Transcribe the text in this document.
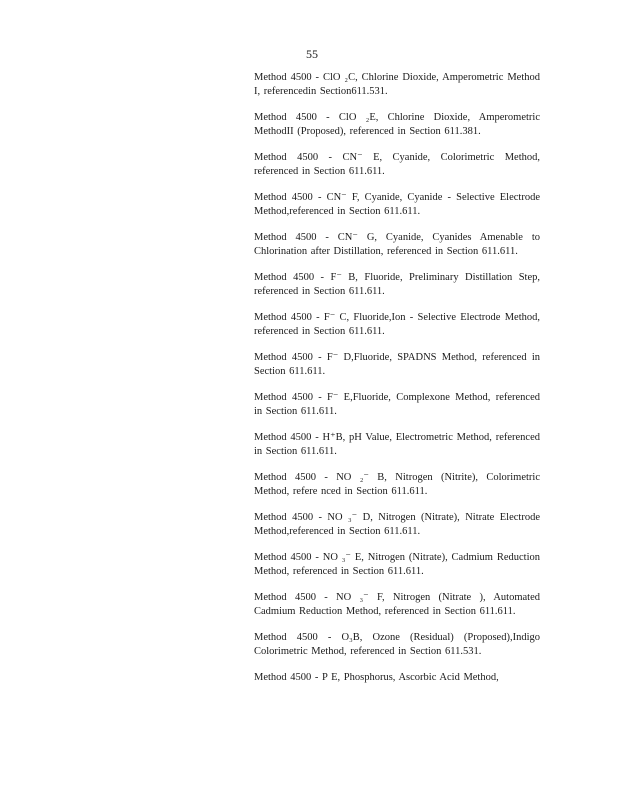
55

Method 4500 - ClO ₂C, Chlorine Dioxide, Amperometric Method I, referencedin Section611.531.

Method 4500 - ClO ₂E, Chlorine Dioxide, Amperometric MethodII (Proposed), referenced in Section 611.381.

Method 4500 - CN⁻ E, Cyanide, Colorimetric Method, referenced in Section 611.611.

Method 4500 - CN⁻ F, Cyanide, Cyanide - Selective Electrode Method,referenced in Section 611.611.

Method 4500 - CN⁻ G, Cyanide, Cyanides Amenable to Chlorination after Distillation, referenced in Section 611.611.

Method 4500 - F⁻ B, Fluoride, Preliminary Distillation Step, referenced in Section 611.611.

Method 4500 - F⁻ C, Fluoride,Ion - Selective Electrode Method, referenced in Section 611.611.

Method 4500 - F⁻ D,Fluoride, SPADNS Method, referenced in Section 611.611.

Method 4500 - F⁻ E,Fluoride, Complexone Method, referenced in Section 611.611.

Method 4500 - H⁺B, pH Value, Electrometric Method, referenced in Section 611.611.

Method 4500 - NO ₂⁻ B, Nitrogen (Nitrite), Colorimetric Method, refere nced in Section 611.611.

Method 4500 - NO ₃⁻ D, Nitrogen (Nitrate), Nitrate Electrode Method,referenced in Section 611.611.

Method 4500 - NO ₃⁻ E, Nitrogen (Nitrate), Cadmium Reduction Method, referenced in Section 611.611.

Method 4500 - NO ₃⁻ F, Nitrogen (Nitrate ), Automated Cadmium Reduction Method, referenced in Section 611.611.

Method 4500 - O₃B, Ozone (Residual) (Proposed),Indigo Colorimetric Method, referenced in Section 611.531.

Method 4500 - P E, Phosphorus, Ascorbic Acid Method,
